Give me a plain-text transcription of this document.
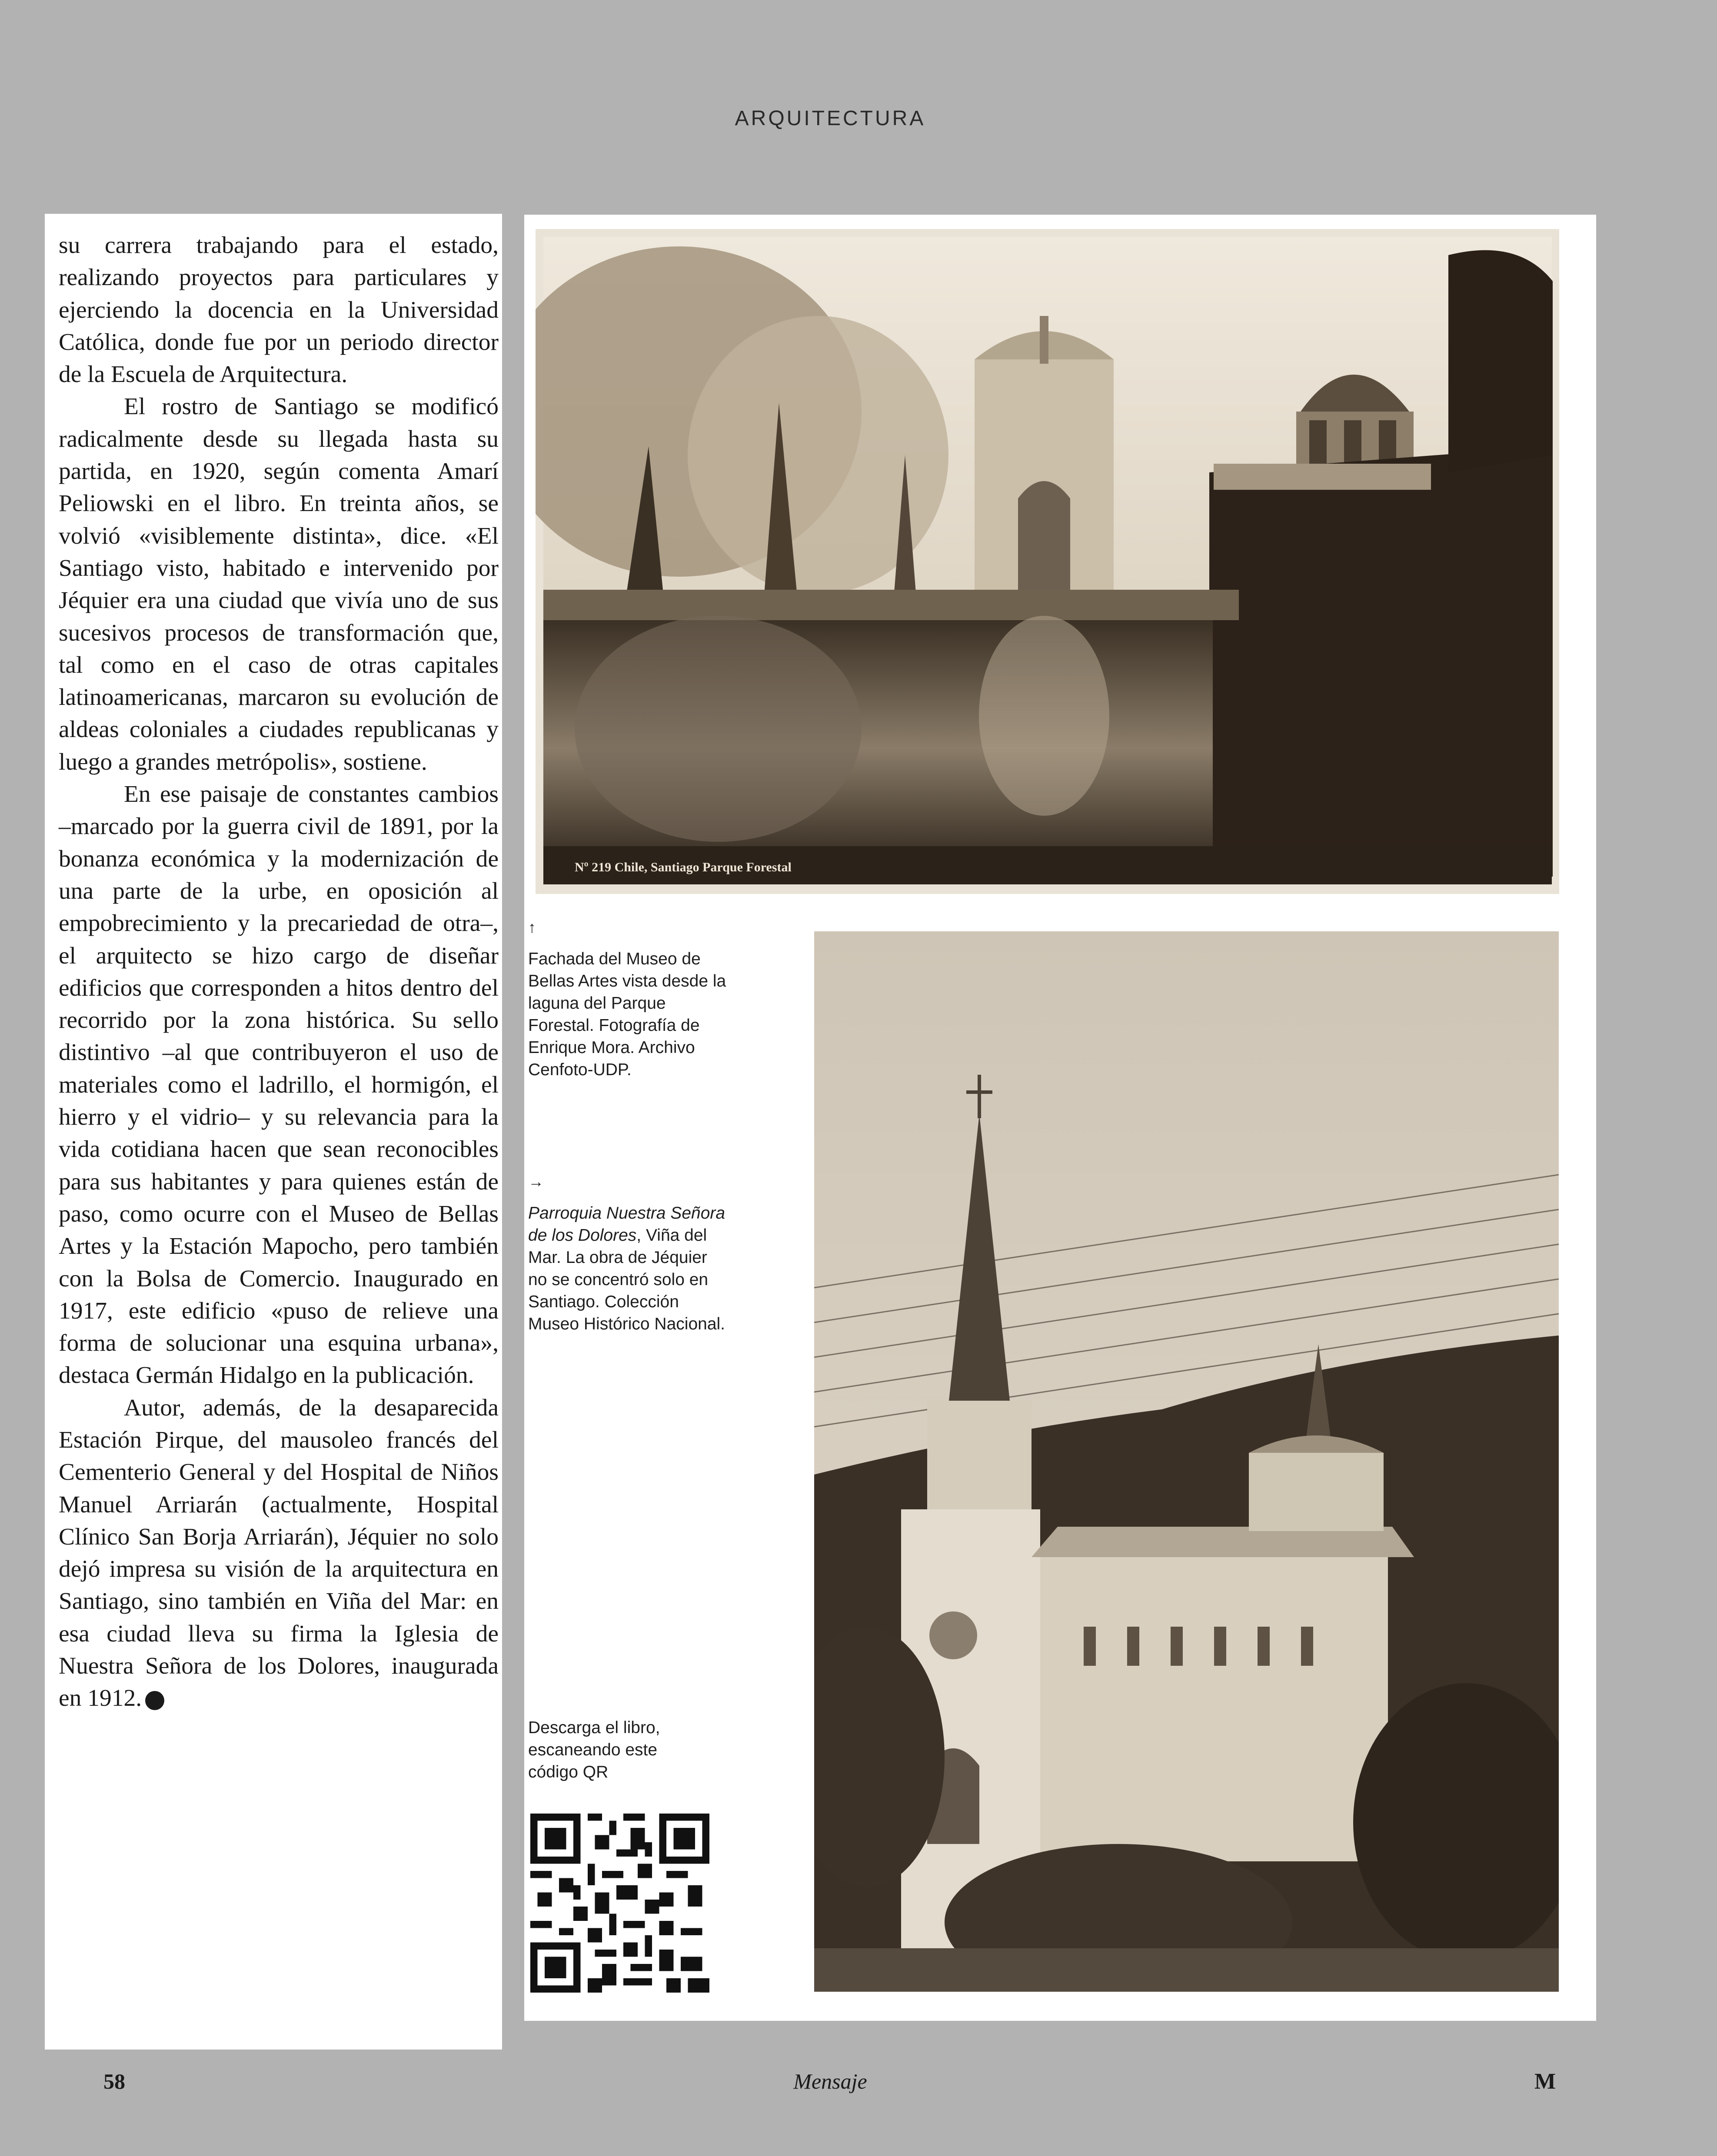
ARQUITECTURA

su carrera trabajando para el estado, realizando proyectos para particulares y ejerciendo la docencia en la Universidad Católica, donde fue por un periodo director de la Escuela de Arquitectura.

El rostro de Santiago se modificó radicalmente desde su llegada hasta su partida, en 1920, según comenta Amarí Peliowski en el libro. En treinta años, se volvió «visiblemente distinta», dice. «El Santiago visto, habitado e intervenido por Jéquier era una ciudad que vivía uno de sus sucesivos procesos de transformación que, tal como en el caso de otras capitales latinoamericanas, marcaron su evolución de aldeas coloniales a ciudades republicanas y luego a grandes metrópolis», sostiene.

En ese paisaje de constantes cambios –marcado por la guerra civil de 1891, por la bonanza económica y la modernización de una parte de la urbe, en oposición al empobrecimiento y la precariedad de otra–, el arquitecto se hizo cargo de diseñar edificios que corresponden a hitos dentro del recorrido por la zona histórica. Su sello distintivo –al que contribuyeron el uso de materiales como el ladrillo, el hormigón, el hierro y el vidrio– y su relevancia para la vida cotidiana hacen que sean reconocibles para sus habitantes y para quienes están de paso, como ocurre con el Museo de Bellas Artes y la Estación Mapocho, pero también con la Bolsa de Comercio. Inaugurado en 1917, este edificio «puso de relieve una forma de solucionar una esquina urbana», destaca Germán Hidalgo en la publicación.

Autor, además, de la desaparecida Estación Pirque, del mausoleo francés del Cementerio General y del Hospital de Niños Manuel Arriarán (actualmente, Hospital Clínico San Borja Arriarán), Jéquier no solo dejó impresa su visión de la arquitectura en Santiago, sino también en Viña del Mar: en esa ciudad lleva su firma la Iglesia de Nuestra Señora de los Dolores, inaugurada en 1912.	M

Nº 219 Chile, Santiago Parque Forestal
↑
Fachada del Museo de Bellas Artes vista desde la laguna del Parque Forestal. Fotografía de Enrique Mora. Archivo Cenfoto-UDP.
→
Parroquia Nuestra Señora de los Dolores, Viña del Mar. La obra de Jéquier no se concentró solo en Santiago. Colección Museo Histórico Nacional.
Descarga el libro, escaneando este código QR
58	Mensaje	M
